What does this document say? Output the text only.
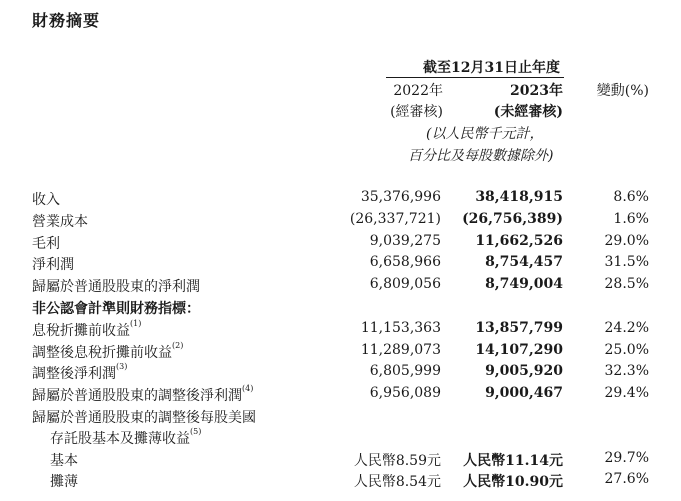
財務摘要
截至12月31日止年度
2022年	2023年 變動(%)
(經審核)	(未經審核)
(以人民幣千元計，
百分比及每股數據除外)
收入	35,376,996 38,418,915	8.6%
營業成本	(26,337,721) (26,756,389)	1.6%
毛利	9,039,275 11,662,526	29.0%
淨利潤	6,658,966	8,754,457	31.5%
歸屬於普通股股東的淨利潤	6,809,056	8,749,004	28.5%
非公認會計準則財務指標：
息稅折攤前收益$^{(1)}$	11,153,363 13,857,799	24.2%
調整後息稅折攤前收益$^{(2)}$	11,289,073 14,107,290	25.0%
調整後淨利潤$^{(3)}$	6,805,999	9,005,920	32.3%
歸屬於普通股股東的調整後淨利潤$^{(4)}$	6,956,089	9,000,467	29.4%
歸屬於普通股股東的調整後每股美國
存託股基本及攤薄收益$^{(5)}$
基本	人民幣8.59元 人民幣11.14元	29.7%
攤薄	人民幣8.54元 人民幣10.90元	27.6%
